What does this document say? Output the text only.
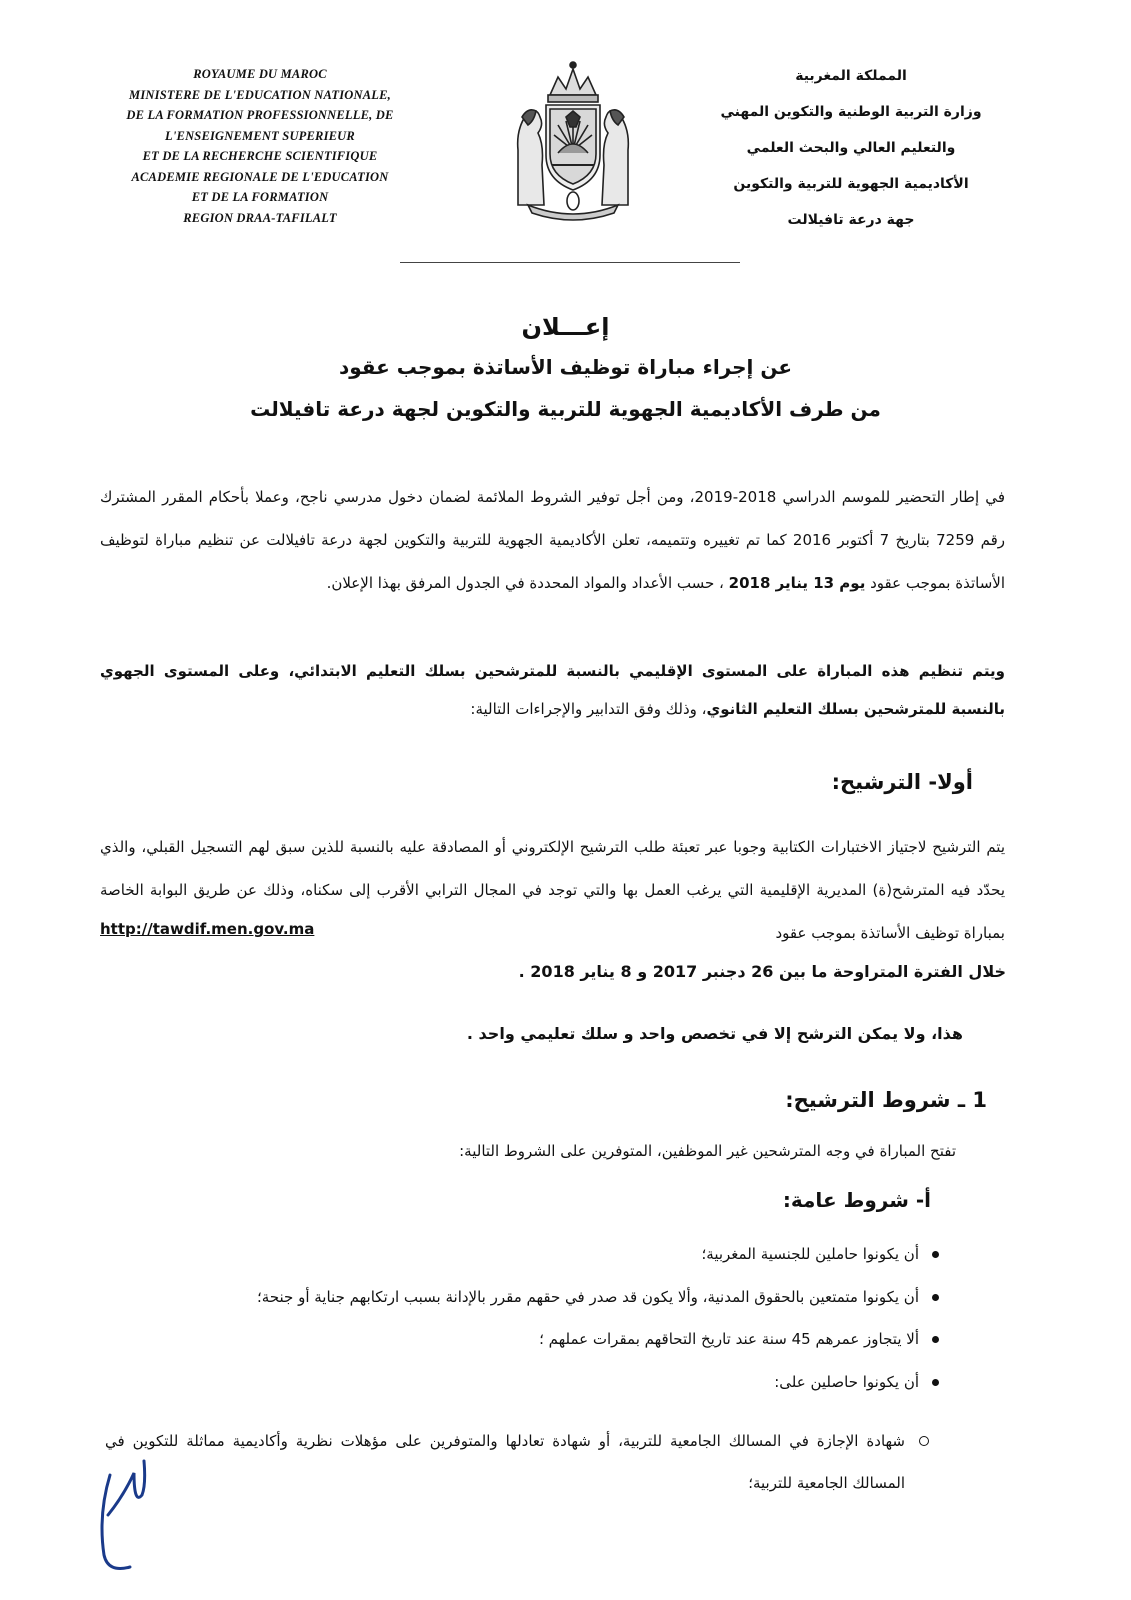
ROYAUME DU MAROC
MINISTERE DE L'EDUCATION NATIONALE,
DE LA FORMATION PROFESSIONNELLE, DE
L'ENSEIGNEMENT SUPERIEUR
ET DE LA RECHERCHE SCIENTIFIQUE
ACADEMIE REGIONALE DE L'EDUCATION
ET DE LA FORMATION
REGION DRAA-TAFILALT
المملكة المغربية
وزارة التربية الوطنية والتكوين المهني
والتعليم العالي والبحث العلمي
الأكاديمية الجهوية للتربية والتكوين
جهة درعة تافيلالت
إعـــلان
عن إجراء مباراة توظيف الأساتذة بموجب عقود
من طرف الأكاديمية الجهوية للتربية والتكوين لجهة درعة تافيلالت
في إطار التحضير للموسم الدراسي 2018-2019، ومن أجل توفير الشروط الملائمة لضمان دخول مدرسي ناجح، وعملا بأحكام المقرر المشترك رقم 7259 بتاريخ 7 أكتوبر 2016 كما تم تغييره وتتميمه، تعلن الأكاديمية الجهوية للتربية والتكوين لجهة درعة تافيلالت عن تنظيم مباراة لتوظيف الأساتذة بموجب عقود يوم 13 يناير 2018 ، حسب الأعداد والمواد المحددة في الجدول المرفق بهذا الإعلان.
ويتم تنظيم هذه المباراة على المستوى الإقليمي بالنسبة للمترشحين بسلك التعليم الابتدائي، وعلى المستوى الجهوي بالنسبة للمترشحين بسلك التعليم الثانوي، وذلك وفق التدابير والإجراءات التالية:
أولا- الترشيح:
يتم الترشيح لاجتياز الاختبارات الكتابية وجوبا عبر تعبئة طلب الترشيح الإلكتروني أو المصادقة عليه بالنسبة للذين سبق لهم التسجيل القبلي، والذي يحدّد فيه المترشح(ة) المديرية الإقليمية التي يرغب العمل بها والتي توجد في المجال الترابي الأقرب إلى سكناه، وذلك عن طريق البوابة الخاصة بمباراة توظيف الأساتذة بموجب عقود
http://tawdif.men.gov.ma
خلال الفترة المتراوحة ما بين 26 دجنبر 2017 و 8 يناير 2018 .
هذا، ولا يمكن الترشح إلا في تخصص واحد و سلك تعليمي واحد .
1 ـ شروط الترشيح:
تفتح المباراة في وجه المترشحين غير الموظفين، المتوفرين على الشروط التالية:
أ- شروط عامة:
أن يكونوا حاملين للجنسية المغربية؛
أن يكونوا متمتعين بالحقوق المدنية، وألا يكون قد صدر في حقهم مقرر بالإدانة بسبب ارتكابهم جناية أو جنحة؛
ألا يتجاوز عمرهم 45 سنة عند تاريخ التحاقهم بمقرات عملهم ؛
أن يكونوا حاصلين على:
شهادة الإجازة في المسالك الجامعية للتربية، أو شهادة تعادلها والمتوفرين على مؤهلات نظرية وأكاديمية مماثلة للتكوين في المسالك الجامعية للتربية؛
